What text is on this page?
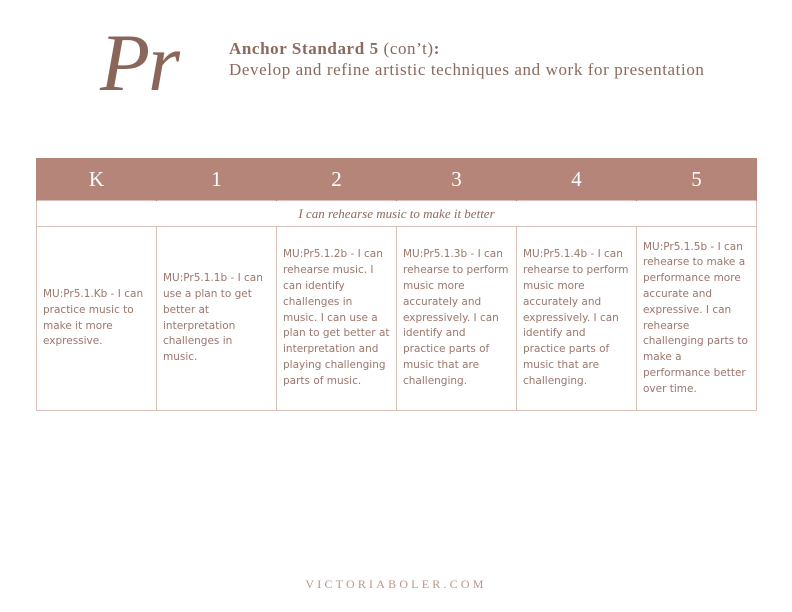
Pr	Anchor Standard 5 (con’t):
Develop and refine artistic techniques and work for presentation
K	1	2	3	4	5
I can rehearse music to make it better					
MU:Pr5.1.Kb - I can practice music to make it more expressive.	MU:Pr5.1.1b - I can use a plan to get better at interpretation challenges in music.	MU:Pr5.1.2b - I can rehearse music. I can identify challenges in music. I can use a plan to get better at interpretation and playing challenging parts of music.	MU:Pr5.1.3b - I can rehearse to perform music more accurately and expressively. I can identify and practice parts of music that are challenging.	MU:Pr5.1.4b - I can rehearse to perform music more accurately and expressively. I can identify and practice parts of music that are challenging.	MU:Pr5.1.5b - I can rehearse to make a performance more accurate and expressive. I can rehearse challenging parts to make a performance better over time.
VICTORIABOLER.COM
